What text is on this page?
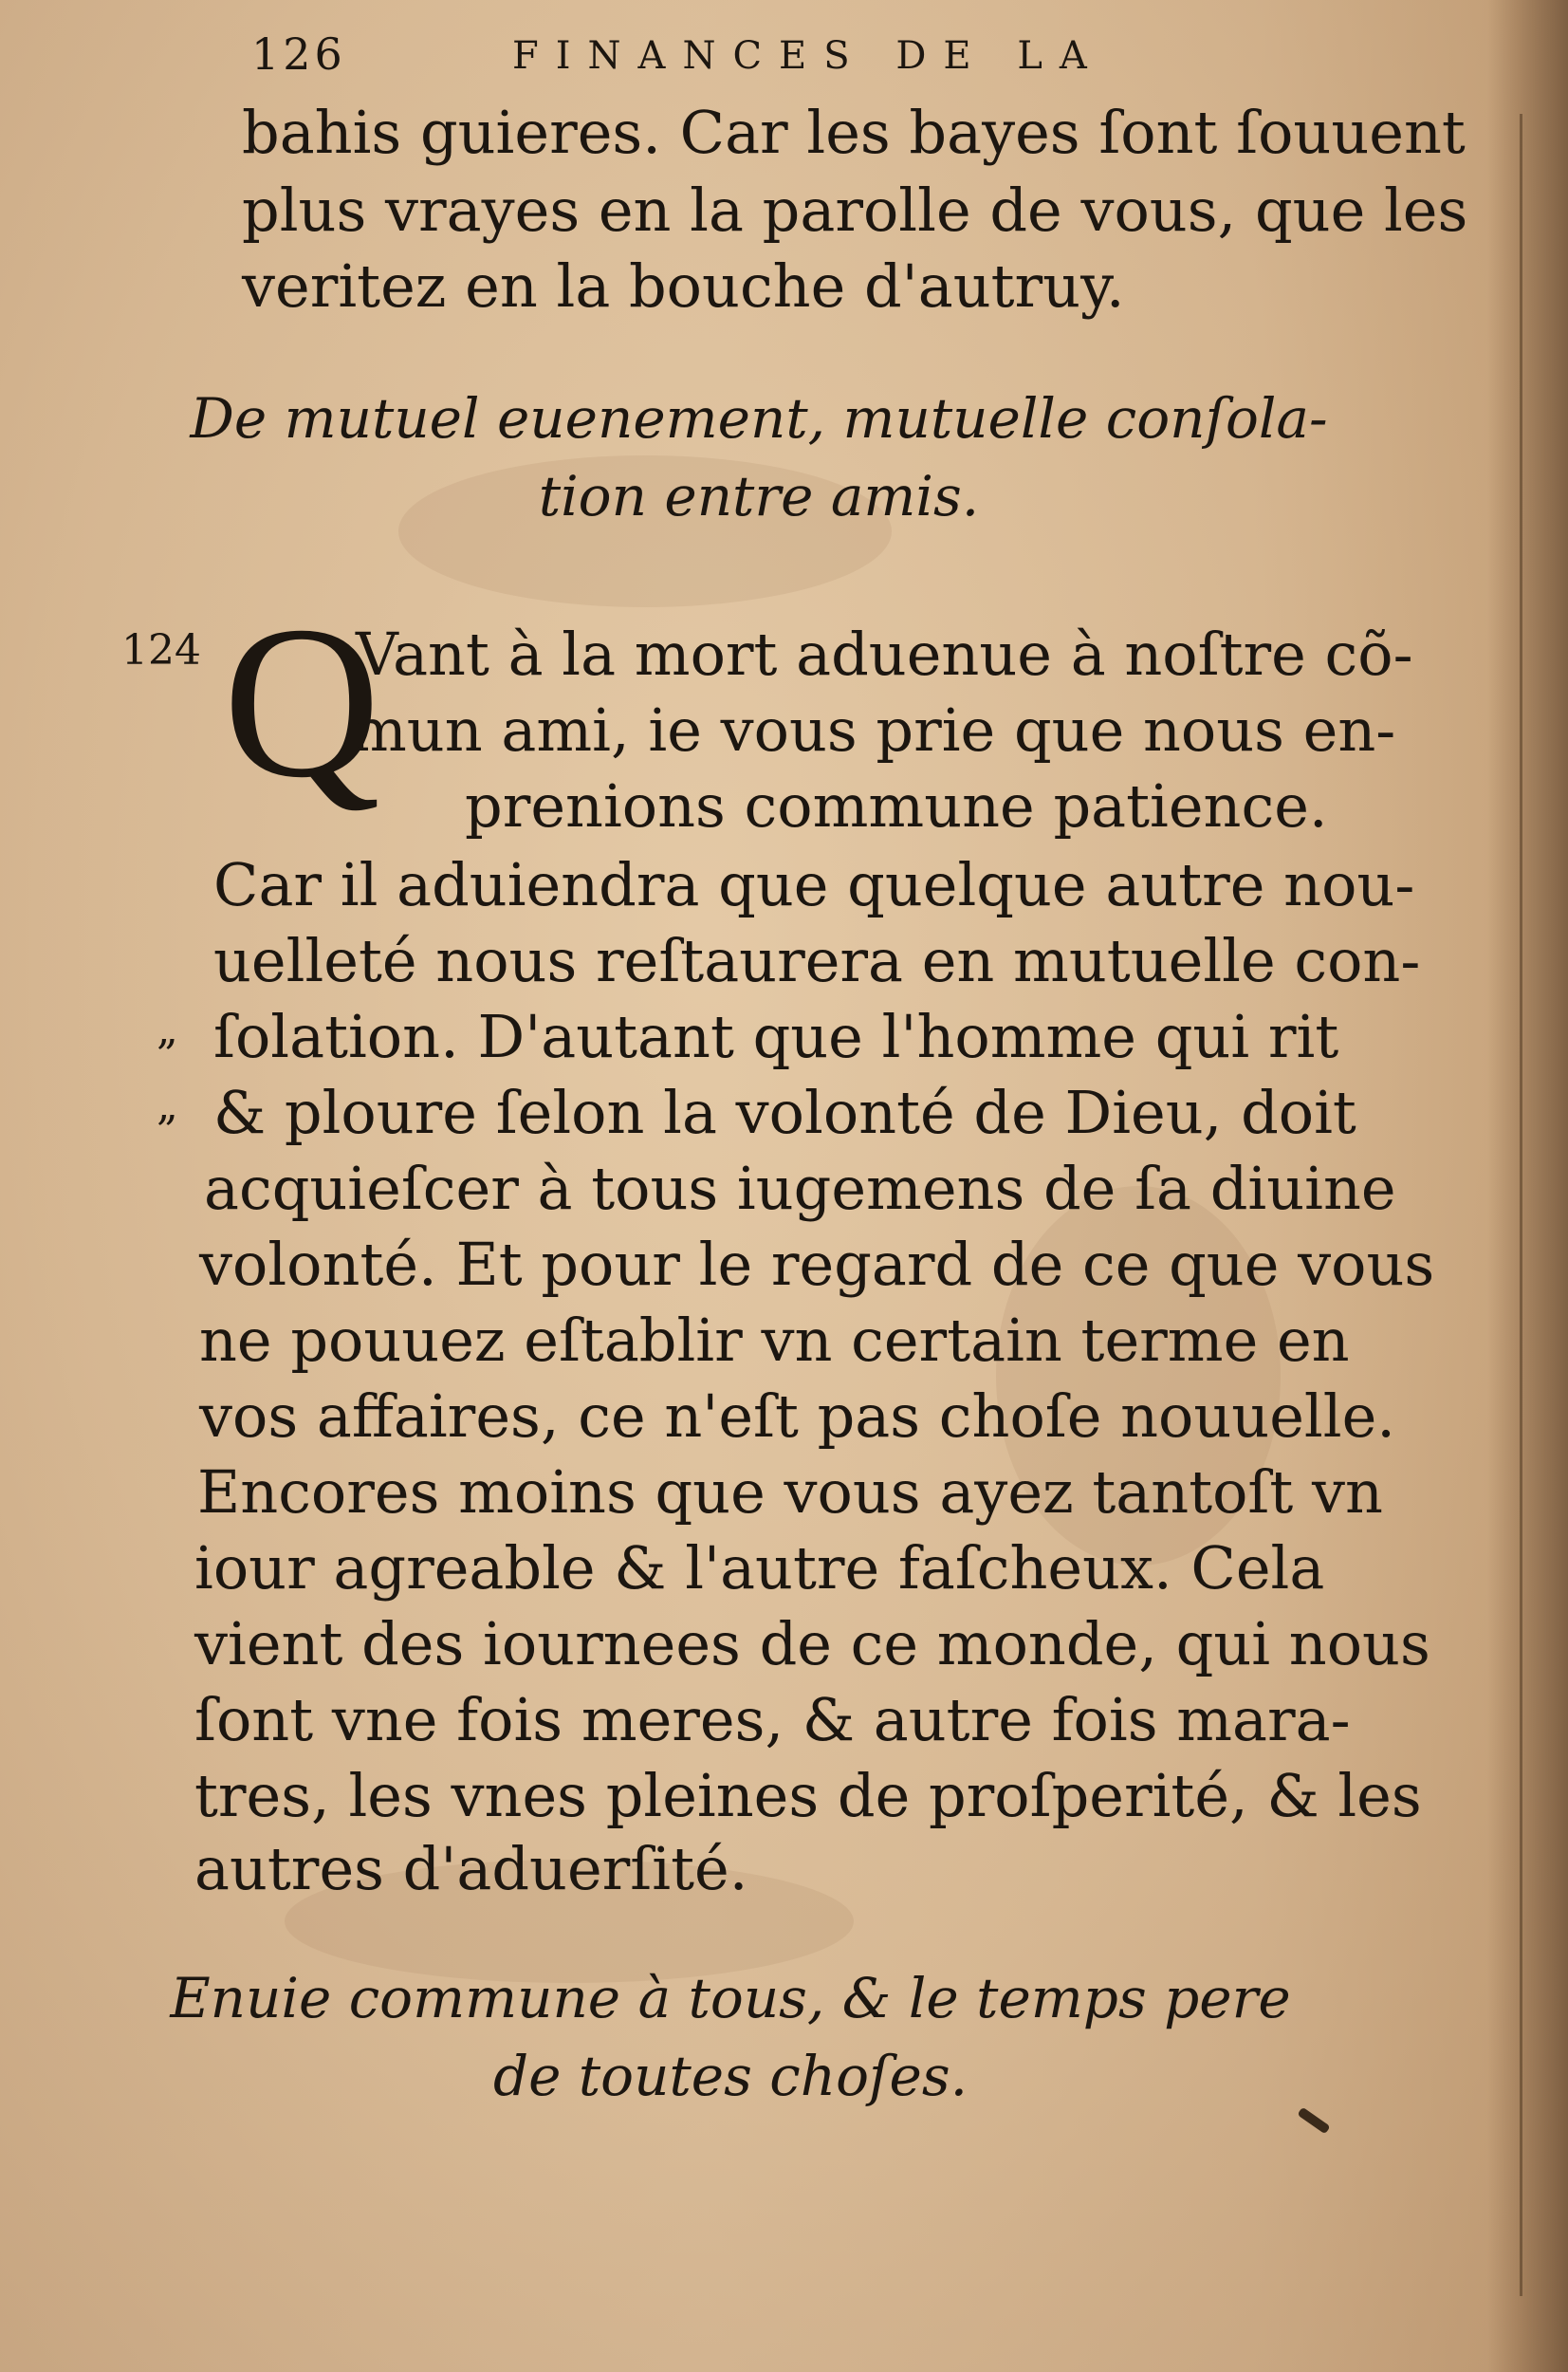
126	FINANCES DE LA
bahis guieres. Car les bayes ſont ſouuent
plus vrayes en la parolle de vous, que les
veritez en la bouche d'autruy.
De mutuel euenement, mutuelle conſola-
tion entre amis.
124 Q
Vant à la mort aduenue à noſtre cõ-
mun ami, ie vous prie que nous en-
prenions commune patience.
Car il aduiendra que quelque autre nou-
uelleté nous reſtaurera en mutuelle con-
„ ſolation. D'autant que l'homme qui rit
„ & ploure ſelon la volonté de Dieu, doit
acquieſcer à tous iugemens de ſa diuine
volonté. Et pour le regard de ce que vous
ne pouuez eſtablir vn certain terme en
vos affaires, ce n'eſt pas choſe nouuelle.
Encores moins que vous ayez tantoſt vn
iour agreable & l'autre faſcheux. Cela
vient des iournees de ce monde, qui nous
ſont vne fois meres, & autre fois mara-
tres, les vnes pleines de proſperité, & les
autres d'aduerſité.
Enuie commune à tous, & le temps pere
de toutes choſes.
